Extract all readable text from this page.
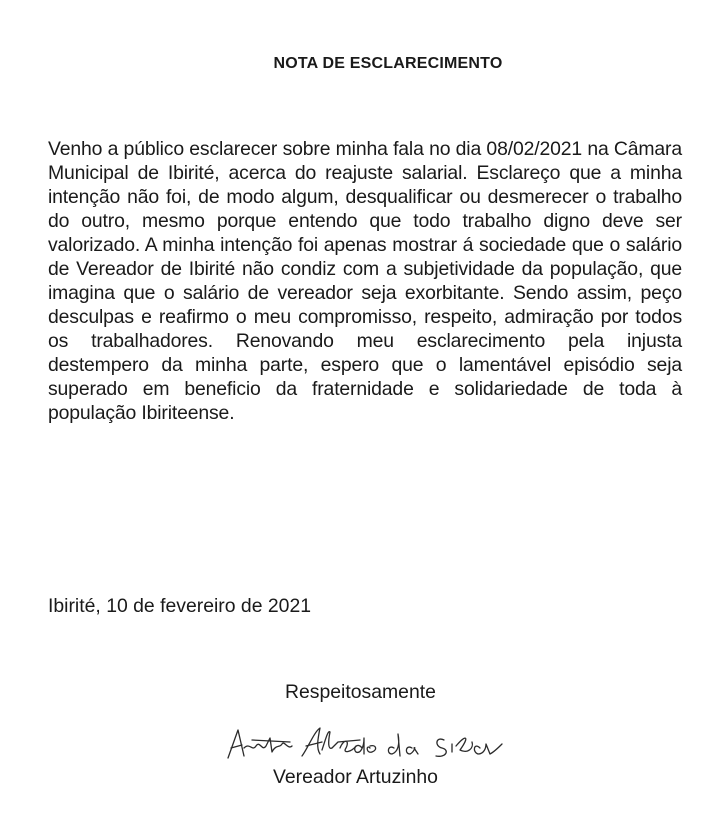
NOTA DE ESCLARECIMENTO

Venho a público esclarecer sobre minha fala no dia 08/02/2021 na Câmara Municipal de Ibirité, acerca do reajuste salarial. Esclareço que a minha intenção não foi, de modo algum, desqualificar ou desmerecer o trabalho do outro, mesmo porque entendo que todo trabalho digno deve ser valorizado. A minha intenção foi apenas mostrar á sociedade que o salário de Vereador de Ibirité não condiz com a subjetividade da população, que imagina que o salário de vereador seja exorbitante. Sendo assim, peço desculpas e reafirmo o meu compromisso, respeito, admiração por todos os trabalhadores. Renovando meu esclarecimento pela injusta destempero da minha parte, espero que o lamentável episódio seja superado em beneficio da fraternidade e solidariedade de toda à população Ibiriteense.

Ibirité, 10 de fevereiro de 2021

Respeitosamente

Vereador Artuzinho
